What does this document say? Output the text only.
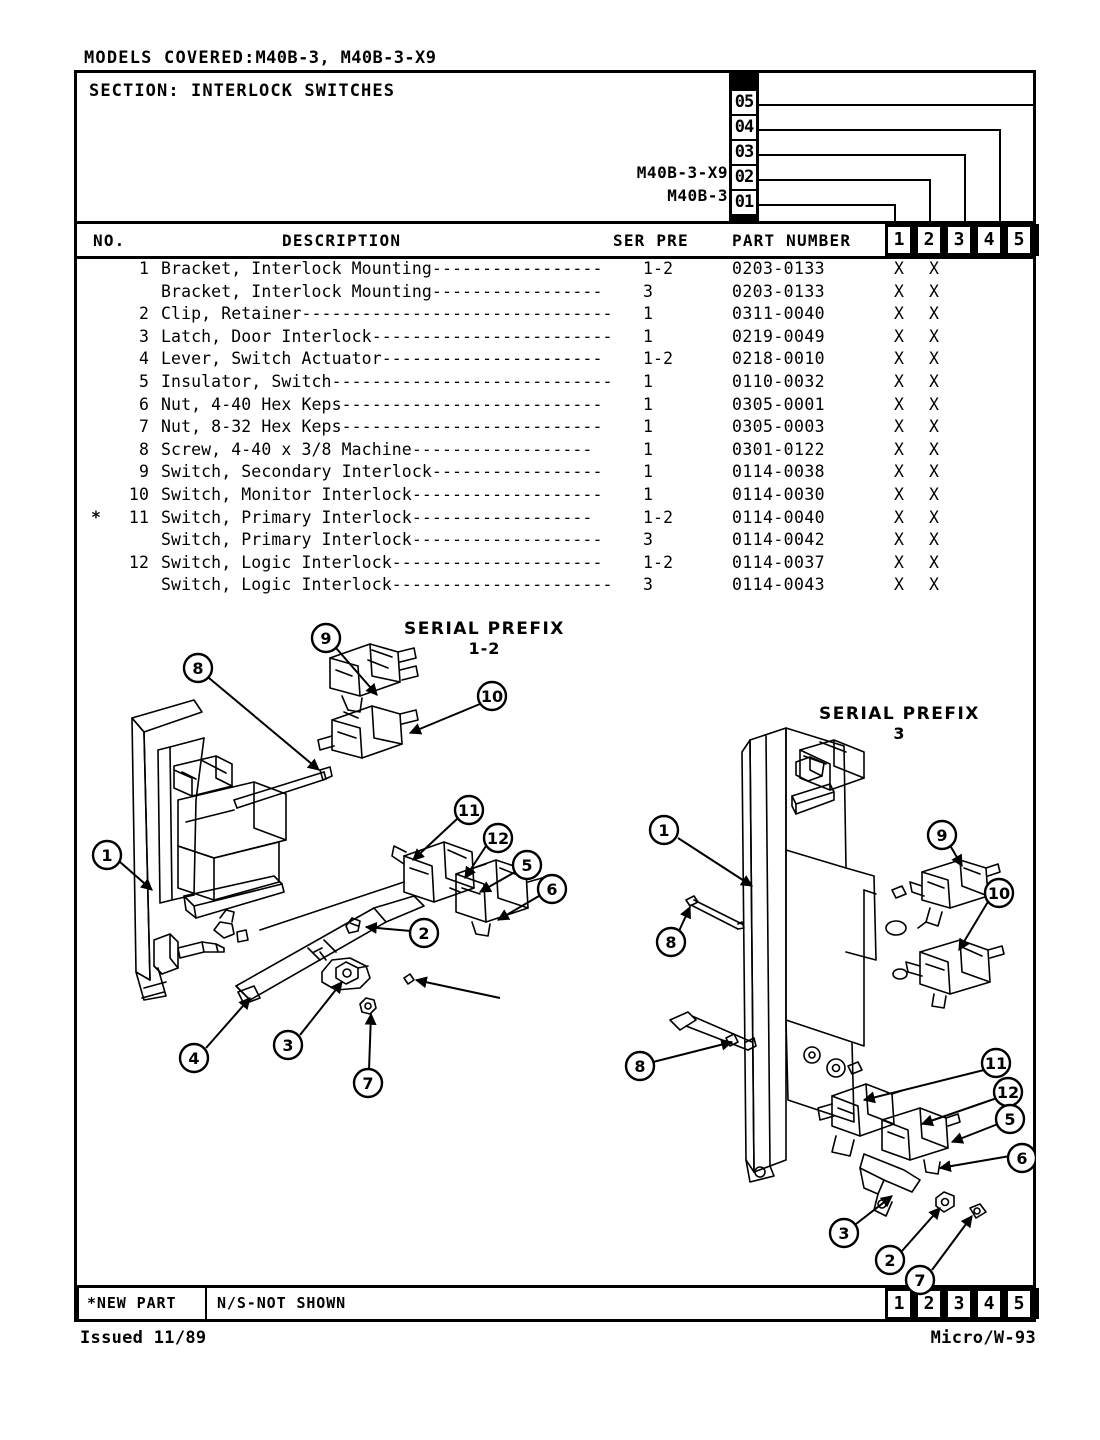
MODELS COVERED:M40B-3, M40B-3-X9
SECTION: INTERLOCK SWITCHES
M40B-3-X9
M40B-3
05
04
03
02
01
NO.	DESCRIPTION	SER PRE	PART NUMBER	1	2	3	4	5
1 Bracket, Interlock Mounting----------------- 1-2	0203-0133	X X
Bracket, Interlock Mounting----------------- 3	0203-0133	X X
2 Clip, Retainer------------------------------- 1	0311-0040	X X
3 Latch, Door Interlock------------------------ 1	0219-0049	X X
4 Lever, Switch Actuator---------------------- 1-2	0218-0010	X X
5 Insulator, Switch---------------------------- 1	0110-0032	X X
6 Nut, 4-40 Hex Keps-------------------------- 1	0305-0001	X X
7 Nut, 8-32 Hex Keps-------------------------- 1	0305-0003	X X
8 Screw, 4-40 x 3/8 Machine------------------	1	0301-0122	X X
9 Switch, Secondary Interlock----------------- 1	0114-0038	X X
10 Switch, Monitor Interlock------------------- 1	0114-0030	X X
*	11 Switch, Primary Interlock------------------	1-2	0114-0040	X X
Switch, Primary Interlock------------------- 3	0114-0042	X X
12 Switch, Logic Interlock--------------------- 1-2	0114-0037	X X
Switch, Logic Interlock---------------------- 3	0114-0043	X X
*NEW PART	N/S-NOT SHOWN	1	2	3	4	5
9
8
10
11
12
5
6
1
2
4
3
7
1	9
10
8
8	11
12
5
6
3
2
7
SERIAL PREFIX
1-2
SERIAL PREFIX
3
Issued 11/89	Micro/W-93
